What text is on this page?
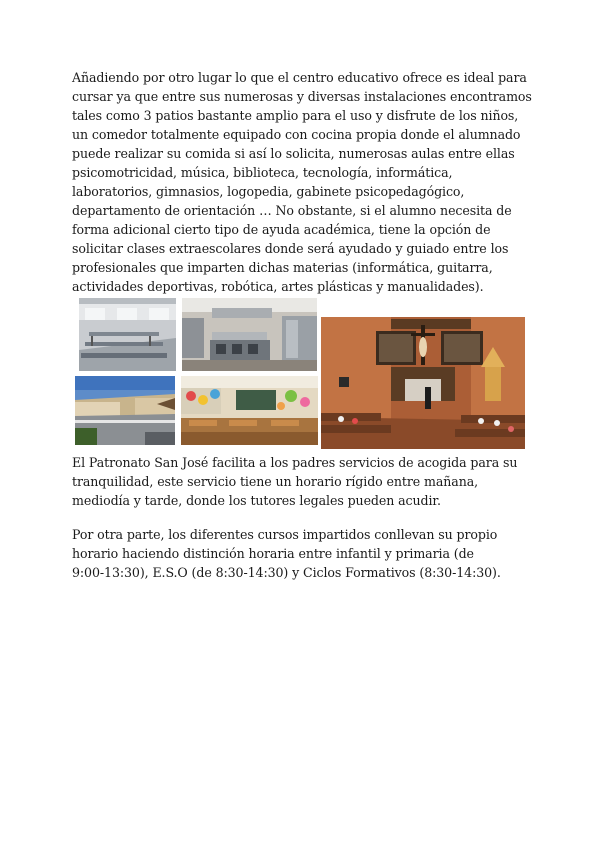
Añadiendo por otro lugar lo que el centro educativo ofrece es ideal para
cursar ya que entre sus numerosas y diversas instalaciones encontramos
tales como 3 patios bastante amplio para el uso y disfrute de los niños,
un comedor totalmente equipado con cocina propia donde el alumnado
puede realizar su comida si así lo solicita, numerosas aulas entre ellas
psicomotricidad, música, biblioteca, tecnología, informática,
laboratorios, gimnasios, logopedia, gabinete psicopedagógico,
departamento de orientación … No obstante, si el alumno necesita de
forma adicional cierto tipo de ayuda académica, tiene la opción de
solicitar clases extraescolares donde será ayudado y guiado entre los
profesionales que imparten dichas materias (informática, guitarra,
actividades deportivas, robótica, artes plásticas y manualidades).
El Patronato San José facilita a los padres servicios de acogida para su
tranquilidad, este servicio tiene un horario rígido entre mañana,
mediodía y tarde, donde los tutores legales pueden acudir.
Por otra parte, los diferentes cursos impartidos conllevan su propio
horario haciendo distinción horaria entre infantil y primaria (de
9:00-13:30), E.S.O (de 8:30-14:30) y Ciclos Formativos (8:30-14:30).
